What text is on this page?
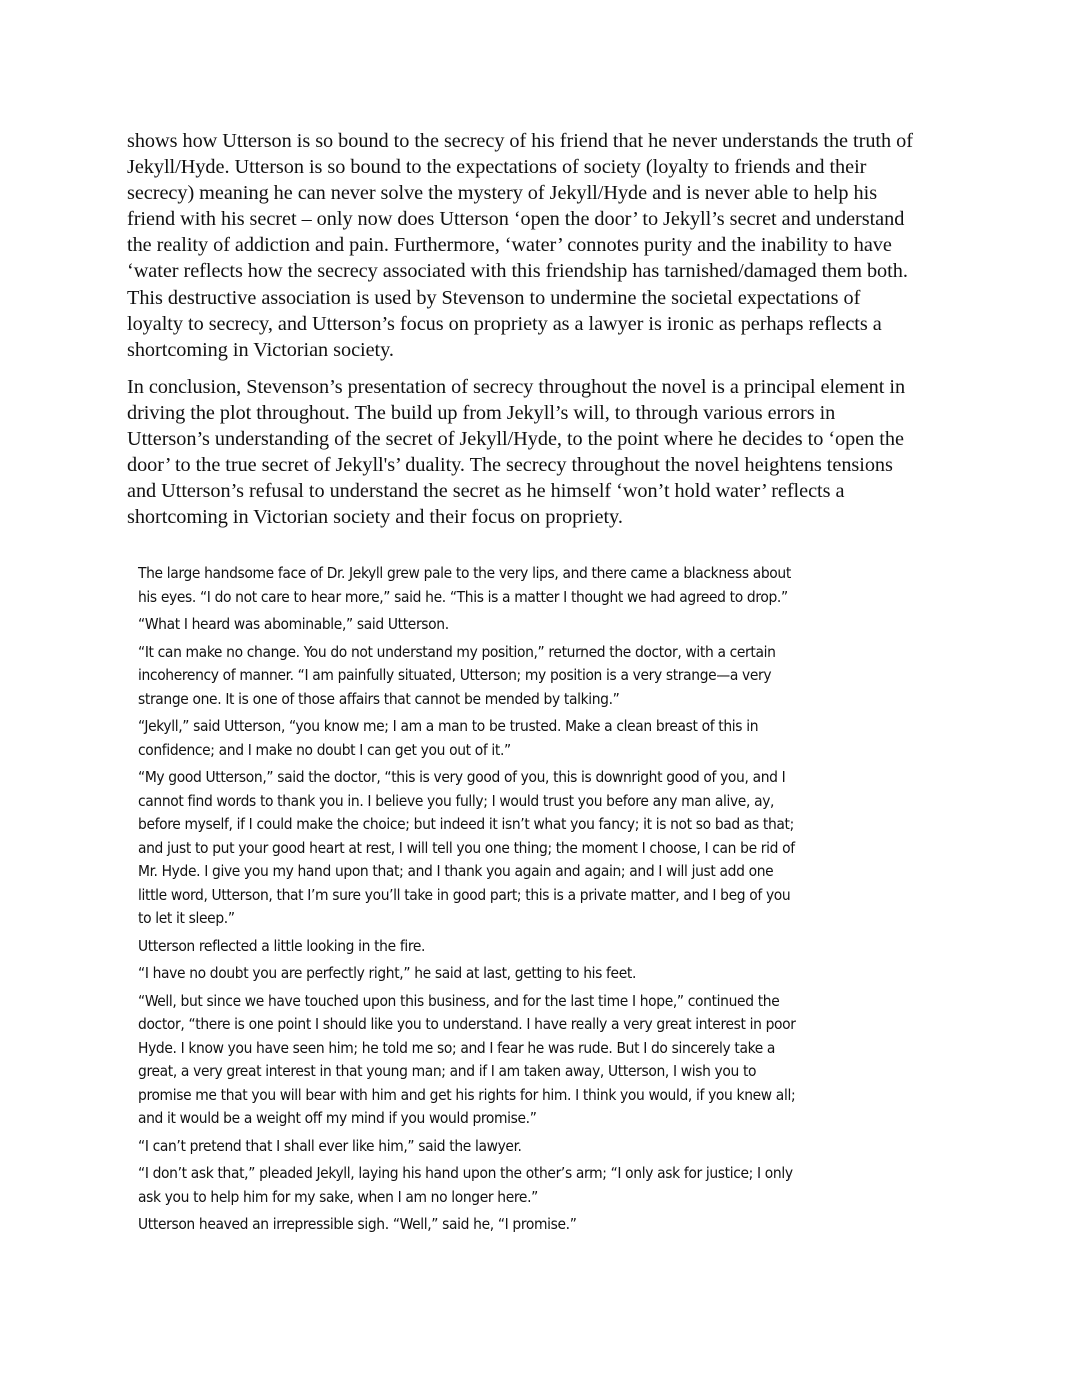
shows how Utterson is so bound to the secrecy of his friend that he never understands the truth of
Jekyll/Hyde. Utterson is so bound to the expectations of society (loyalty to friends and their
secrecy) meaning he can never solve the mystery of Jekyll/Hyde and is never able to help his
friend with his secret – only now does Utterson ‘open the door’ to Jekyll’s secret and understand
the reality of addiction and pain. Furthermore, ‘water’ connotes purity and the inability to have
‘water reflects how the secrecy associated with this friendship has tarnished/damaged them both.
This destructive association is used by Stevenson to undermine the societal expectations of
loyalty to secrecy, and Utterson’s focus on propriety as a lawyer is ironic as perhaps reflects a
shortcoming in Victorian society.

In conclusion, Stevenson’s presentation of secrecy throughout the novel is a principal element in
driving the plot throughout. The build up from Jekyll’s will, to through various errors in
Utterson’s understanding of the secret of Jekyll/Hyde, to the point where he decides to ‘open the
door’ to the true secret of Jekyll's’ duality. The secrecy throughout the novel heightens tensions
and Utterson’s refusal to understand the secret as he himself ‘won’t hold water’ reflects a
shortcoming in Victorian society and their focus on propriety.

The large handsome face of Dr. Jekyll grew pale to the very lips, and there came a blackness about
his eyes. “I do not care to hear more,” said he. “This is a matter I thought we had agreed to drop.”

“What I heard was abominable,” said Utterson.

“It can make no change. You do not understand my position,” returned the doctor, with a certain
incoherency of manner. “I am painfully situated, Utterson; my position is a very strange—a very
strange one. It is one of those affairs that cannot be mended by talking.”

“Jekyll,” said Utterson, “you know me; I am a man to be trusted. Make a clean breast of this in
confidence; and I make no doubt I can get you out of it.”

“My good Utterson,” said the doctor, “this is very good of you, this is downright good of you, and I
cannot find words to thank you in. I believe you fully; I would trust you before any man alive, ay,
before myself, if I could make the choice; but indeed it isn’t what you fancy; it is not so bad as that;
and just to put your good heart at rest, I will tell you one thing; the moment I choose, I can be rid of
Mr. Hyde. I give you my hand upon that; and I thank you again and again; and I will just add one
little word, Utterson, that I’m sure you’ll take in good part; this is a private matter, and I beg of you
to let it sleep.”

Utterson reflected a little looking in the fire.

“I have no doubt you are perfectly right,” he said at last, getting to his feet.

“Well, but since we have touched upon this business, and for the last time I hope,” continued the
doctor, “there is one point I should like you to understand. I have really a very great interest in poor
Hyde. I know you have seen him; he told me so; and I fear he was rude. But I do sincerely take a
great, a very great interest in that young man; and if I am taken away, Utterson, I wish you to
promise me that you will bear with him and get his rights for him. I think you would, if you knew all;
and it would be a weight off my mind if you would promise.”

“I can’t pretend that I shall ever like him,” said the lawyer.

“I don’t ask that,” pleaded Jekyll, laying his hand upon the other’s arm; “I only ask for justice; I only
ask you to help him for my sake, when I am no longer here.”

Utterson heaved an irrepressible sigh. “Well,” said he, “I promise.”
